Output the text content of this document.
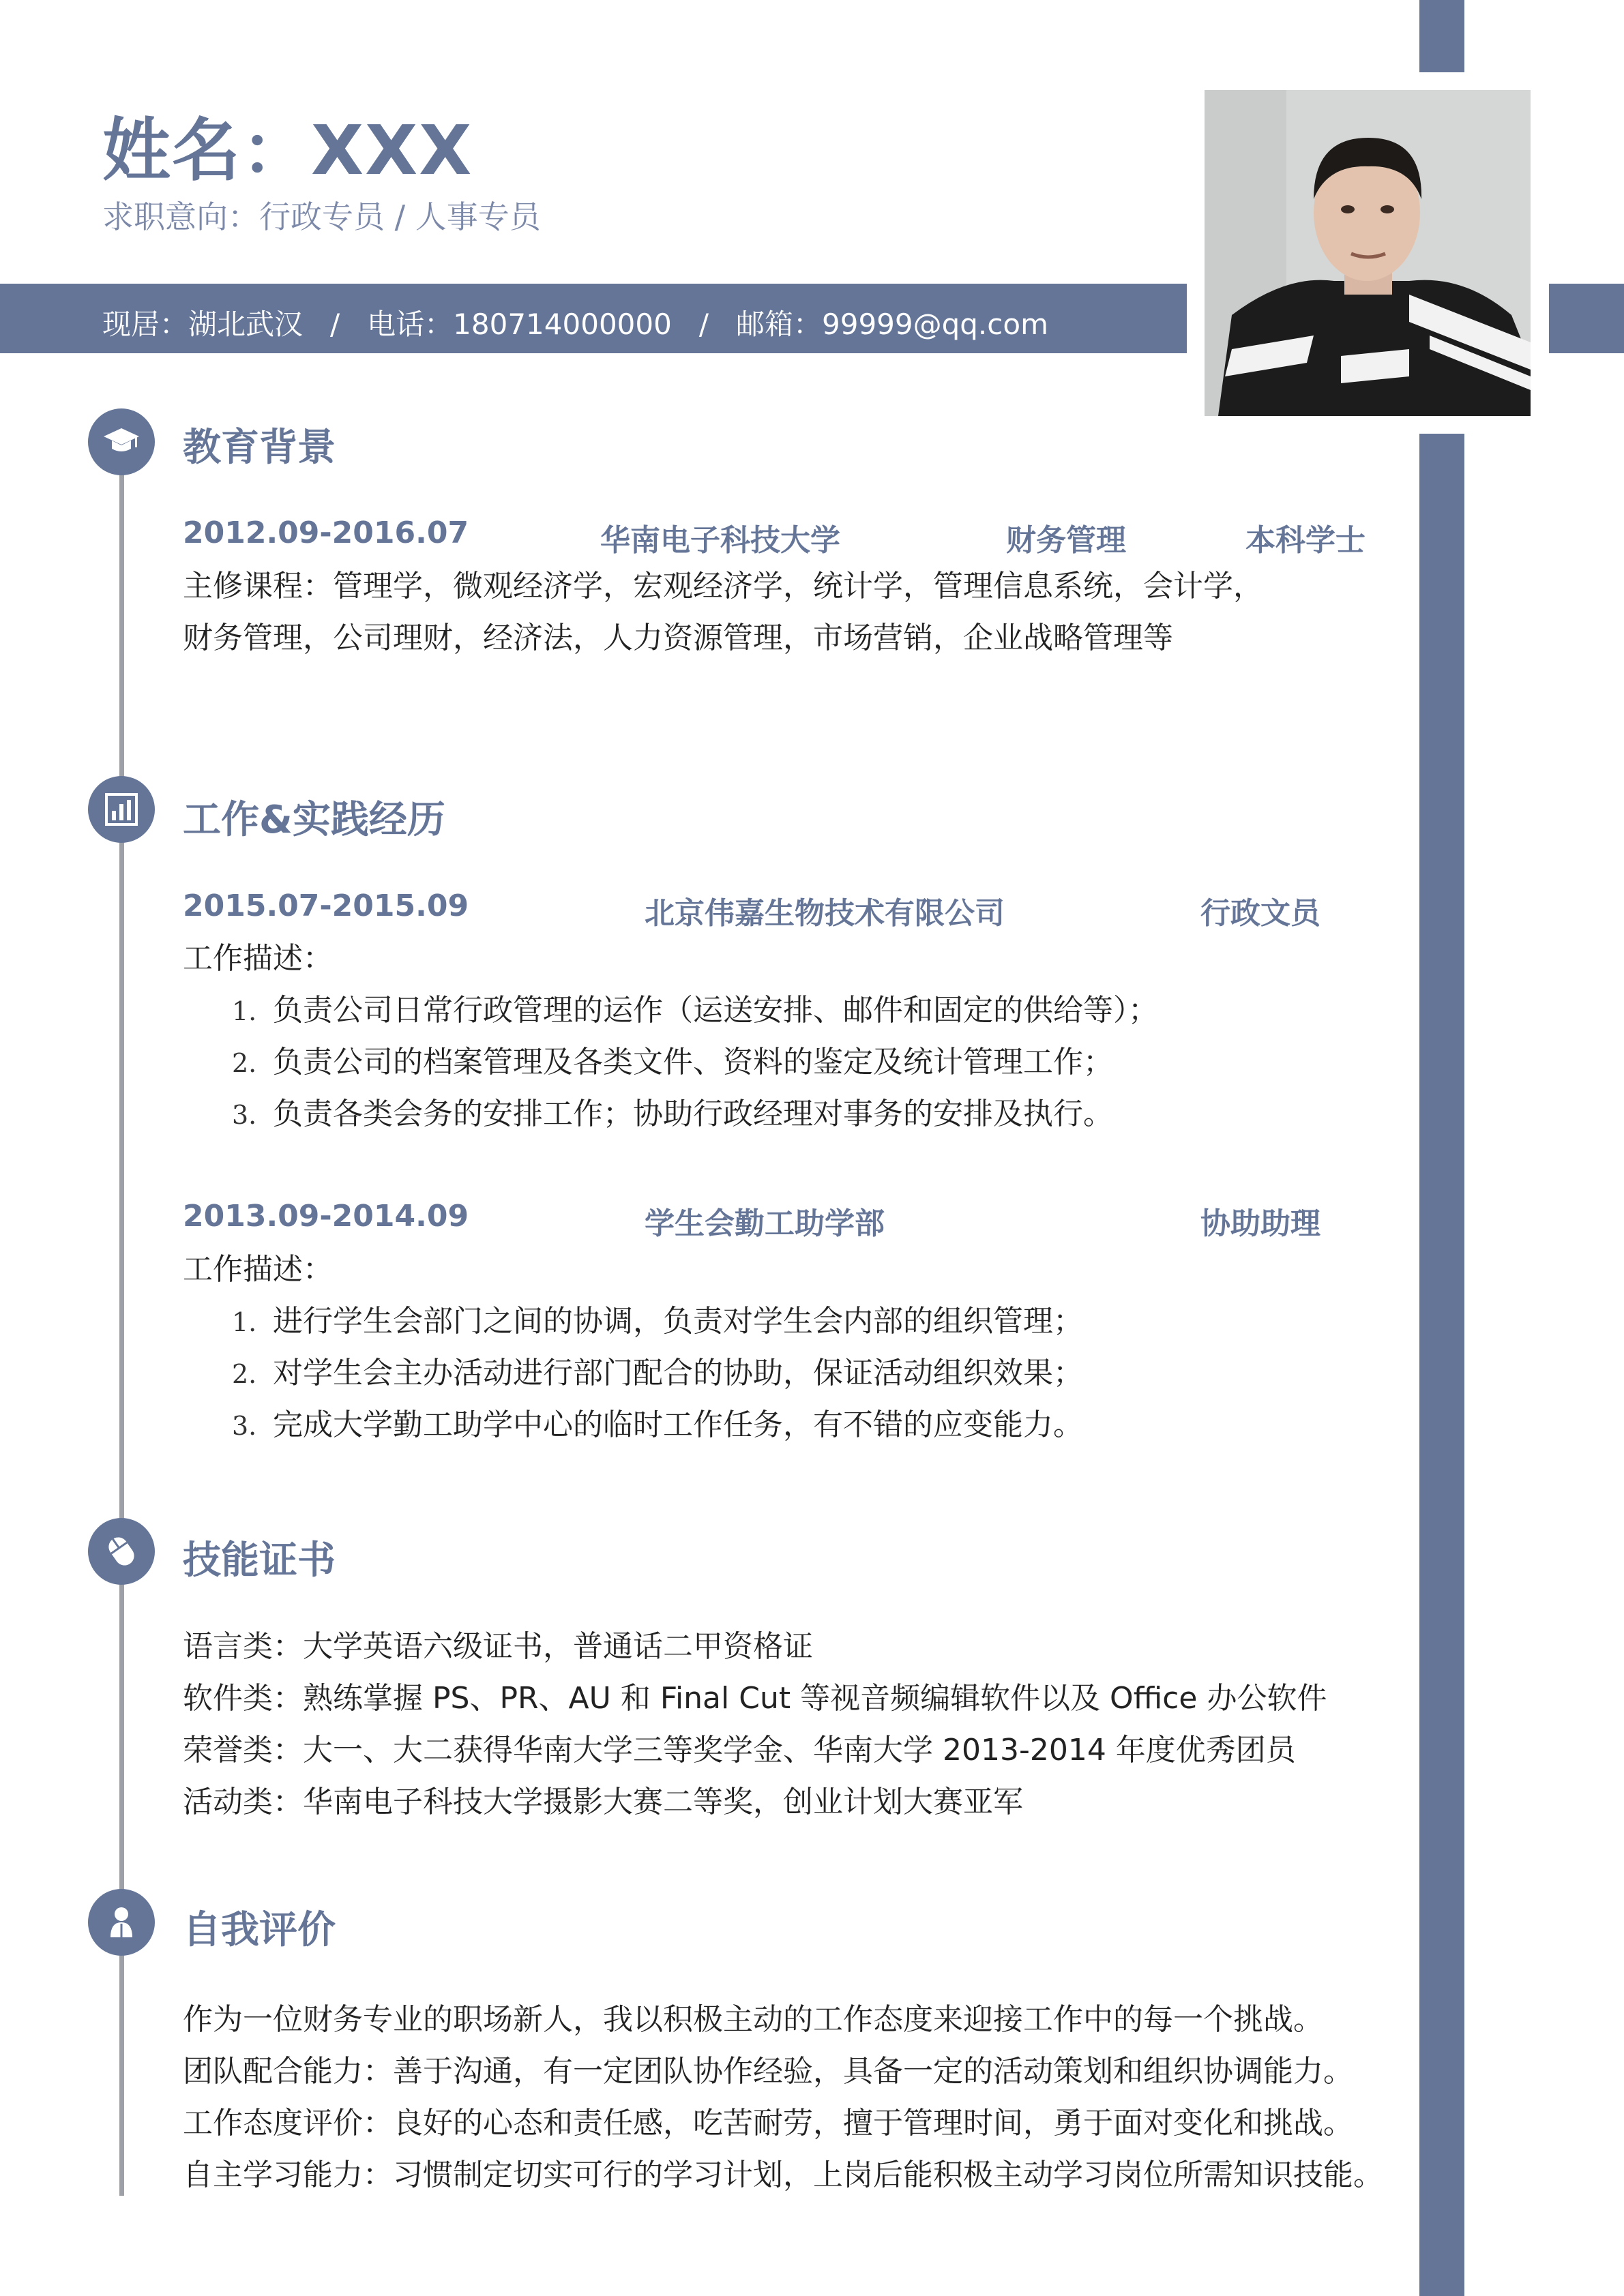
姓名：XXX
求职意向：行政专员 / 人事专员
现居：湖北武汉 / 电话：180714000000 / 邮箱：99999@qq.com
教育背景
2012.09-2016.07	华南电子科技大学	财务管理	本科学士
主修课程：管理学，微观经济学，宏观经济学，统计学，管理信息系统，会计学，
财务管理，公司理财，经济法，人力资源管理，市场营销，企业战略管理等
工作&实践经历
2015.07-2015.09	北京伟嘉生物技术有限公司	行政文员
工作描述：
1. 负责公司日常行政管理的运作（运送安排、邮件和固定的供给等）；
2. 负责公司的档案管理及各类文件、资料的鉴定及统计管理工作；
3. 负责各类会务的安排工作；协助行政经理对事务的安排及执行。
2013.09-2014.09	学生会勤工助学部	协助助理
工作描述：
1. 进行学生会部门之间的协调，负责对学生会内部的组织管理；
2. 对学生会主办活动进行部门配合的协助，保证活动组织效果；
3. 完成大学勤工助学中心的临时工作任务，有不错的应变能力。
技能证书
语言类：大学英语六级证书，普通话二甲资格证
软件类：熟练掌握 PS、PR、AU 和 Final Cut 等视音频编辑软件以及 Office 办公软件
荣誉类：大一、大二获得华南大学三等奖学金、华南大学 2013-2014 年度优秀团员
活动类：华南电子科技大学摄影大赛二等奖，创业计划大赛亚军
自我评价
作为一位财务专业的职场新人，我以积极主动的工作态度来迎接工作中的每一个挑战。
团队配合能力：善于沟通，有一定团队协作经验，具备一定的活动策划和组织协调能力。
工作态度评价：良好的心态和责任感，吃苦耐劳，擅于管理时间，勇于面对变化和挑战。
自主学习能力：习惯制定切实可行的学习计划，上岗后能积极主动学习岗位所需知识技能。
